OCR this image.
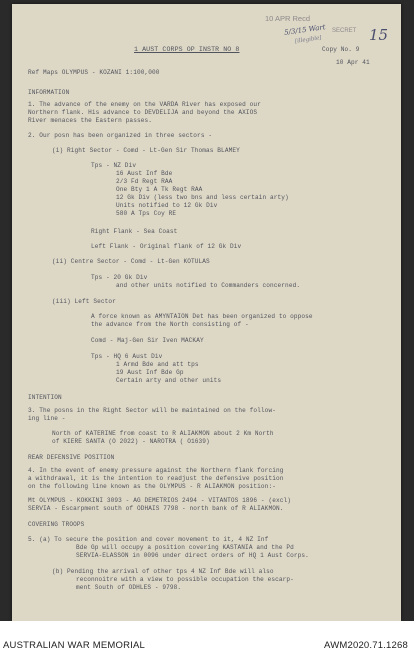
10 APR Recd
5/3/15 Wart
[illegible]	15
SECRET
Copy No. 9
10 Apr 41
1 AUST CORPS OP INSTR NO 8
Ref Maps OLYMPUS - KOZANI 1:100,000
INFORMATION
1. The advance of the enemy on the VARDA River has exposed our
Northern flank. His advance to DEVDELIJA and beyond the AXIOS
River menaces the Eastern passes.
2. Our posn has been organized in three sectors -
(i) Right Sector - Comd - Lt-Gen Sir Thomas BLAMEY
Tps - NZ Div
16 Aust Inf Bde
2/3 Fd Regt RAA
One Bty 1 A Tk Regt RAA
12 Gk Div (less two bns and less certain arty)
Units notified to 12 Gk Div
580 A Tps Coy RE
Right Flank - Sea Coast
Left Flank - Original flank of 12 Gk Div
(ii) Centre Sector - Comd - Lt-Gen KOTULAS
Tps - 20 Gk Div
and other units notified to Commanders concerned.
(iii) Left Sector
A force known as AMYNTAION Det has been organized to oppose
the advance from the North consisting of -
Comd - Maj-Gen Sir Iven MACKAY
Tps - HQ 6 Aust Div
1 Armd Bde and att tps
19 Aust Inf Bde Gp
Certain arty and other units
INTENTION
3. The posns in the Right Sector will be maintained on the follow-
ing line -
North of KATERINE from coast to R ALIAKMON about 2 Km North
of KIERE SANTA (O 2022) - NAROTRA ( O1639)
REAR DEFENSIVE POSITION
4. In the event of enemy pressure against the Northern flank forcing
a withdrawal, it is the intention to readjust the defensive position
on the following line known as the OLYMPUS - R ALIAKMON position:-
Mt OLYMPUS - KOKKINI 3093 - AG DEMETRIOS 2494 - VITANTOS 1896 - (excl)
SERVIA - Escarpment south of ODHAIS 7798 - north bank of R ALIAKMON.
COVERING TROOPS
5. (a) To secure the position and cover movement to it, 4 NZ Inf
Bde Gp will occupy a position covering KASTANIA and the Pd
SERVIA-ELASSON in 0096 under direct orders of HQ 1 Aust Corps.
(b) Pending the arrival of other tps 4 NZ Inf Bde will also
reconnoitre with a view to possible occupation the escarp-
ment South of ODHLES - 9798.
AUSTRALIAN WAR MEMORIAL	AWM2020.71.1268
